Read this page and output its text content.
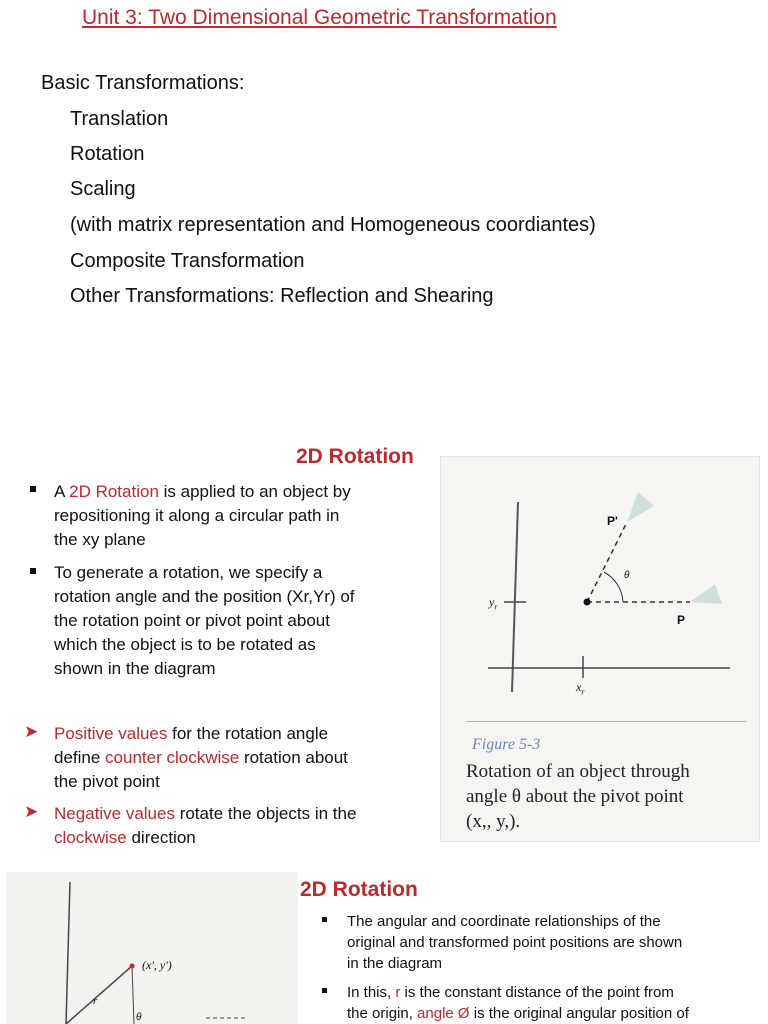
Unit 3: Two Dimensional Geometric Transformation
Basic Transformations:
Translation
Rotation
Scaling
(with matrix representation and Homogeneous coordiantes)
Composite Transformation
Other Transformations: Reflection and Shearing
2D Rotation
A 2D Rotation is applied to an object by
repositioning it along a circular path in
the xy plane
To generate a rotation, we specify a
rotation angle and the position (Xr,Yr) of
the rotation point or pivot point about
which the object is to be rotated as
shown in the diagram
➤ Positive values for the rotation angle
define counter clockwise rotation about
the pivot point
➤ Negative values rotate the objects in the
clockwise direction
P'
P
θ
$y_r$
$x_r$
Figure 5-3
Rotation of an object through
angle θ about the pivot point
(x,, y,).
(x', y')
r
θ
2D Rotation
The angular and coordinate relationships of the
original and transformed point positions are shown
in the diagram
In this, r is the constant distance of the point from
the origin, angle Ø is the original angular position of
